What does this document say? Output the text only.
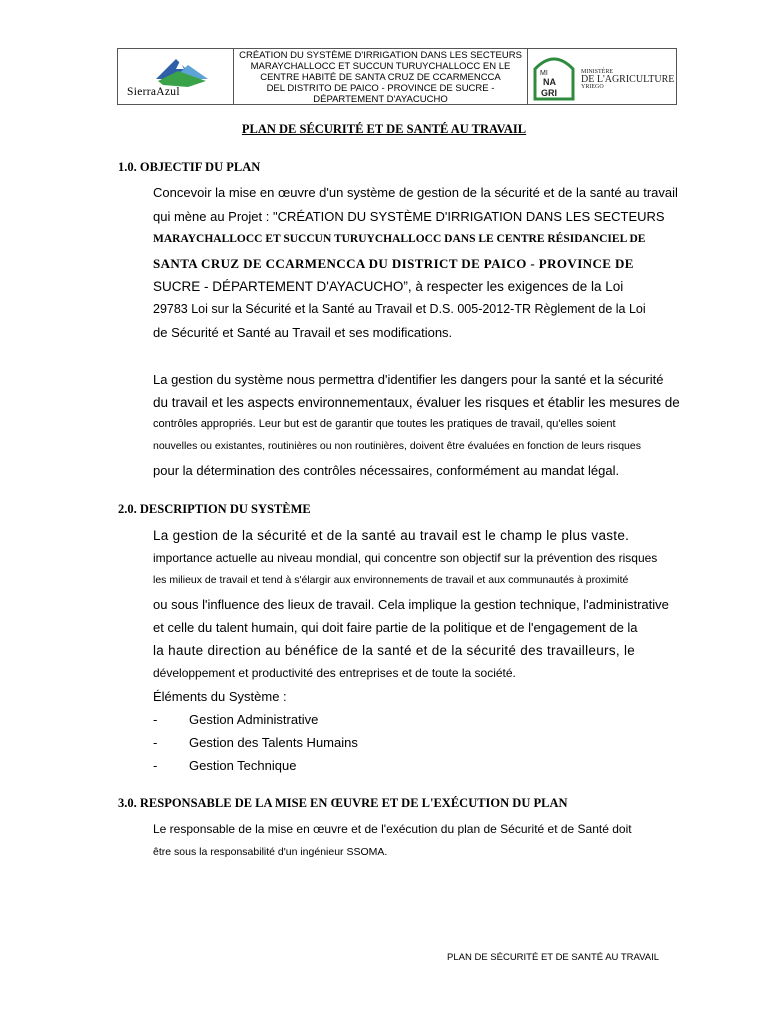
SierraAzul
CRÉATION DU SYSTÈME D'IRRIGATION DANS LES SECTEURS
MARAYCHALLOCC ET SUCCUN TURUYCHALLOCC EN LE
CENTRE HABITÉ DE SANTA CRUZ DE CCARMENCCA
DEL DISTRITO DE PAICO - PROVINCE DE SUCRE -
DÉPARTEMENT D'AYACUCHO
MI
NA
GRI
MINISTÈRE
DE L'AGRICULTURE
YRIEGO
PLAN DE SÉCURITÉ ET DE SANTÉ AU TRAVAIL
1.0. OBJECTIF DU PLAN
Concevoir la mise en œuvre d'un système de gestion de la sécurité et de la santé au travail
qui mène au Projet : "CRÉATION DU SYSTÈME D'IRRIGATION DANS LES SECTEURS
MARAYCHALLOCC ET SUCCUN TURUYCHALLOCC DANS LE CENTRE RÉSIDANCIEL DE
SANTA CRUZ DE CCARMENCCA DU DISTRICT DE PAICO - PROVINCE DE
SUCRE - DÉPARTEMENT D'AYACUCHO”, à respecter les exigences de la Loi
29783 Loi sur la Sécurité et la Santé au Travail et D.S. 005-2012-TR Règlement de la Loi
de Sécurité et Santé au Travail et ses modifications.
La gestion du système nous permettra d'identifier les dangers pour la santé et la sécurité
du travail et les aspects environnementaux, évaluer les risques et établir les mesures de
contrôles appropriés. Leur but est de garantir que toutes les pratiques de travail, qu'elles soient
nouvelles ou existantes, routinières ou non routinières, doivent être évaluées en fonction de leurs risques
pour la détermination des contrôles nécessaires, conformément au mandat légal.
2.0. DESCRIPTION DU SYSTÈME
La gestion de la sécurité et de la santé au travail est le champ le plus vaste.
importance actuelle au niveau mondial, qui concentre son objectif sur la prévention des risques
les milieux de travail et tend à s'élargir aux environnements de travail et aux communautés à proximité
ou sous l'influence des lieux de travail. Cela implique la gestion technique, l'administrative
et celle du talent humain, qui doit faire partie de la politique et de l'engagement de la
la haute direction au bénéfice de la santé et de la sécurité des travailleurs, le
développement et productivité des entreprises et de toute la société.
Éléments du Système :
- Gestion Administrative
- Gestion des Talents Humains
- Gestion Technique
3.0. RESPONSABLE DE LA MISE EN ŒUVRE ET DE L'EXÉCUTION DU PLAN
Le responsable de la mise en œuvre et de l'exécution du plan de Sécurité et de Santé doit
être sous la responsabilité d'un ingénieur SSOMA.
PLAN DE SÉCURITÉ ET DE SANTÉ AU TRAVAIL
